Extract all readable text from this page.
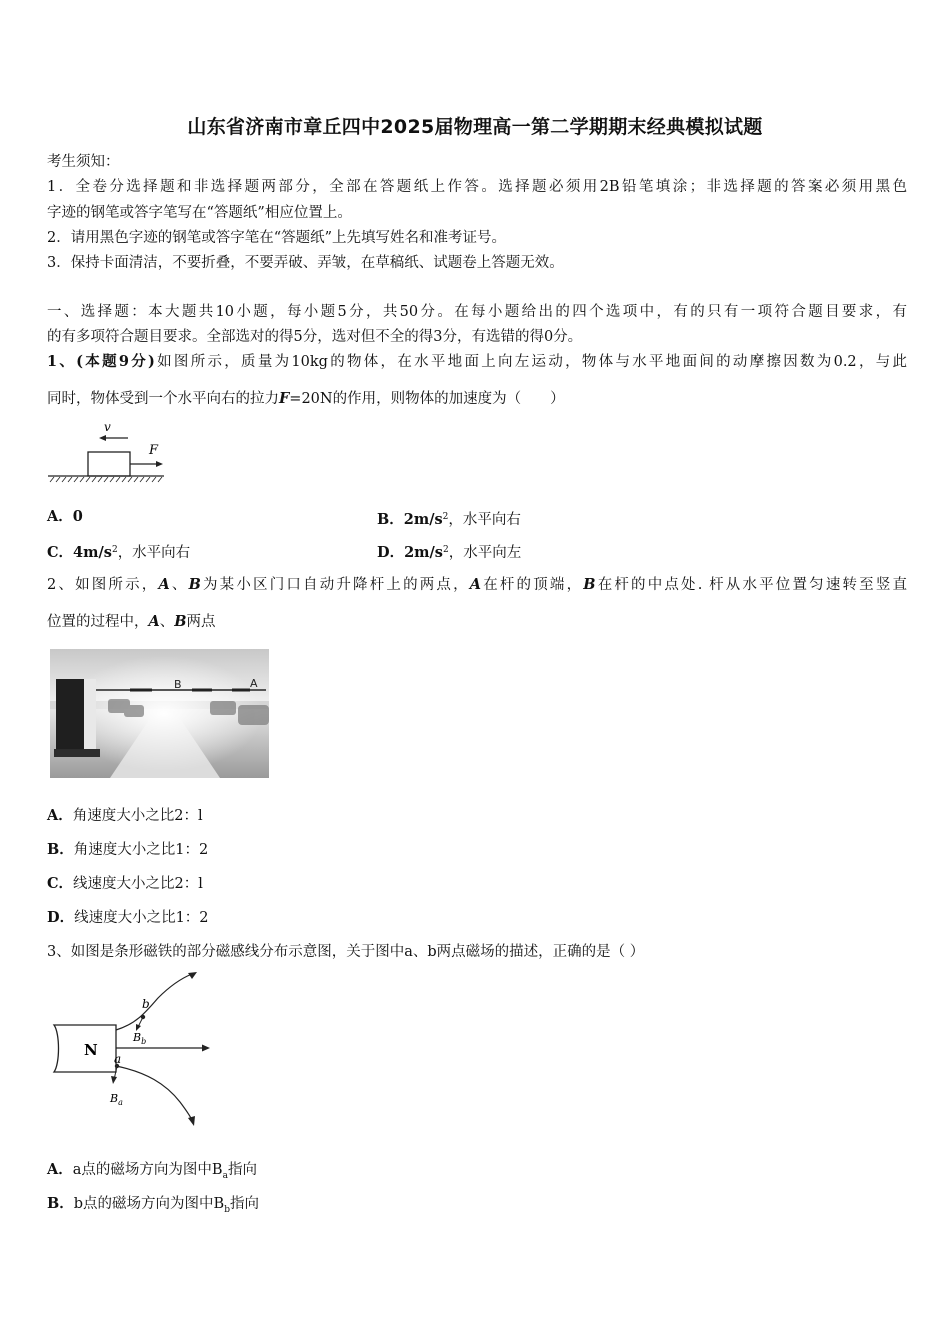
山东省济南市章丘四中2025届物理高一第二学期期末经典模拟试题
考生须知：
1．全卷分选择题和非选择题两部分，全部在答题纸上作答。选择题必须用2B铅笔填涂；非选择题的答案必须用黑色
字迹的钢笔或答字笔写在“答题纸”相应位置上。
2．请用黑色字迹的钢笔或答字笔在“答题纸”上先填写姓名和准考证号。
3．保持卡面清洁，不要折叠，不要弄破、弄皱，在草稿纸、试题卷上答题无效。
一、选择题：本大题共10小题，每小题5分，共50分。在每小题给出的四个选项中，有的只有一项符合题目要求，有
的有多项符合题目要求。全部选对的得5分，选对但不全的得3分，有选错的得0分。
1、(本题9分)如图所示，质量为10kg的物体，在水平地面上向左运动，物体与水平地面间的动摩擦因数为0.2，与此
同时，物体受到一个水平向右的拉力F=20N的作用，则物体的加速度为（　　）
v
F
A．0	B．$2m/s^2$，水平向右
C．$4m/s^2$，水平向右	D．$2m/s^2$，水平向左
2、如图所示，A、B为某小区门口自动升降杆上的两点，A在杆的顶端，B在杆的中点处. 杆从水平位置匀速转至竖直
位置的过程中，A、B两点
B	A
A．角速度大小之比2：l
B．角速度大小之比1：2
C．线速度大小之比2：l
D．线速度大小之比1：2
3、如图是条形磁铁的部分磁感线分布示意图，关于图中a、b两点磁场的描述，正确的是（ ）
N
b
$B_b$
a
$B_a$
A．a点的磁场方向为图中$B_a$指向
B．b点的磁场方向为图中$B_b$指向
